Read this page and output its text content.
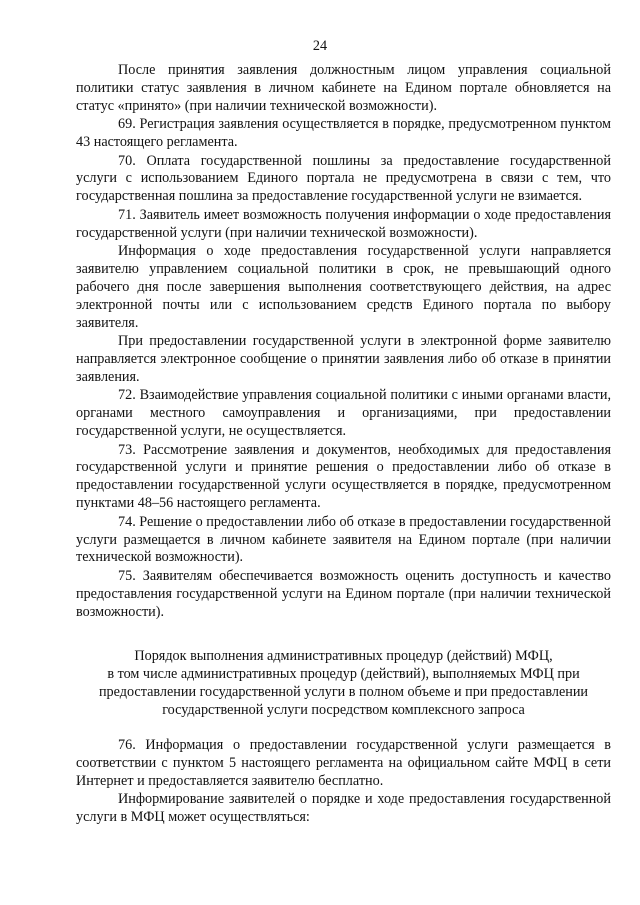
24

После принятия заявления должностным лицом управления социальной политики статус заявления в личном кабинете на Едином портале обновляется на статус «принято» (при наличии технической возможности).

69. Регистрация заявления осуществляется в порядке, предусмотренном пунктом 43 настоящего регламента.

70. Оплата государственной пошлины за предоставление государственной услуги с использованием Единого портала не предусмотрена в связи с тем, что государственная пошлина за предоставление государственной услуги не взимается.

71. Заявитель имеет возможность получения информации о ходе предоставления государственной услуги (при наличии технической возможности).

Информация о ходе предоставления государственной услуги направляется заявителю управлением социальной политики в срок, не превышающий одного рабочего дня после завершения выполнения соответствующего действия, на адрес электронной почты или с использованием средств Единого портала по выбору заявителя.

При предоставлении государственной услуги в электронной форме заявителю направляется электронное сообщение о принятии заявления либо об отказе в принятии заявления.

72. Взаимодействие управления социальной политики с иными органами власти, органами местного самоуправления и организациями, при предоставлении государственной услуги, не осуществляется.

73. Рассмотрение заявления и документов, необходимых для предоставления государственной услуги и принятие решения о предоставлении либо об отказе в предоставлении государственной услуги осуществляется в порядке, предусмотренном пунктами 48–56 настоящего регламента.

74. Решение о предоставлении либо об отказе в предоставлении государственной услуги размещается в личном кабинете заявителя на Едином портале (при наличии технической возможности).

75. Заявителям обеспечивается возможность оценить доступность и качество предоставления государственной услуги на Едином портале (при наличии технической возможности).

Порядок выполнения административных процедур (действий) МФЦ,
в том числе административных процедур (действий), выполняемых МФЦ при
предоставлении государственной услуги в полном объеме и при предоставлении
государственной услуги посредством комплексного запроса

76. Информация о предоставлении государственной услуги размещается в соответствии с пунктом 5 настоящего регламента на официальном сайте МФЦ в сети Интернет и предоставляется заявителю бесплатно.

Информирование заявителей о порядке и ходе предоставления государственной услуги в МФЦ может осуществляться:
